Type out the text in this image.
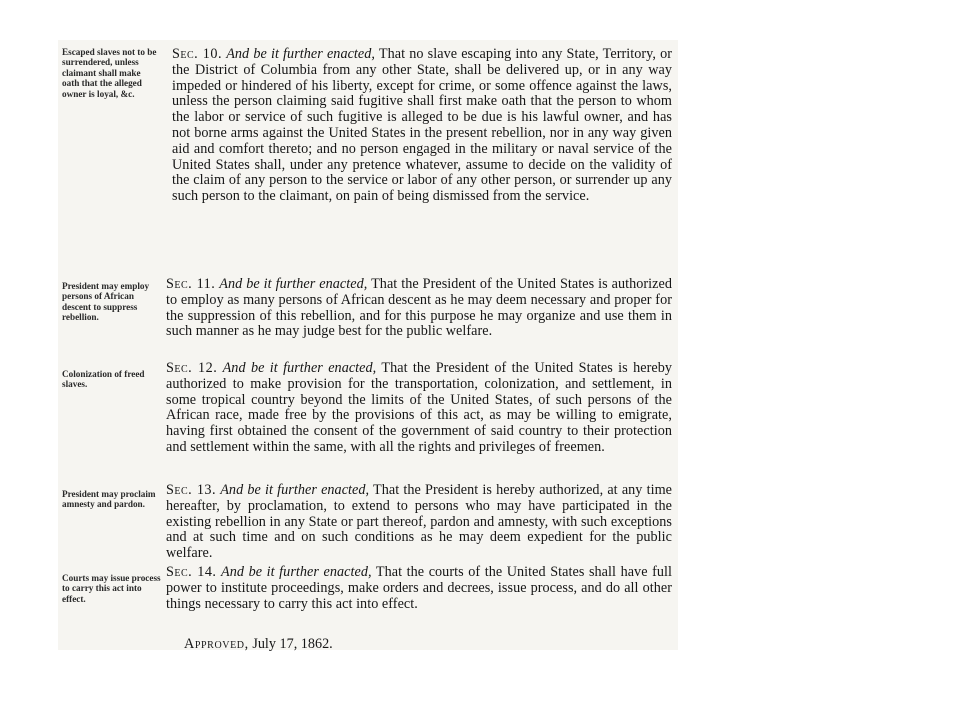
Escaped slaves not to be surrendered, unless claimant shall make oath that the alleged owner is loyal, &c.
Sec. 10. And be it further enacted, That no slave escaping into any State, Territory, or the District of Columbia from any other State, shall be delivered up, or in any way impeded or hindered of his liberty, except for crime, or some offence against the laws, unless the person claiming said fugitive shall first make oath that the person to whom the labor or service of such fugitive is alleged to be due is his lawful owner, and has not borne arms against the United States in the present rebellion, nor in any way given aid and comfort thereto; and no person engaged in the military or naval service of the United States shall, under any pretence whatever, assume to decide on the validity of the claim of any person to the service or labor of any other person, or surrender up any such person to the claimant, on pain of being dismissed from the service.
President may employ persons of African descent to suppress rebellion.
Sec. 11. And be it further enacted, That the President of the United States is authorized to employ as many persons of African descent as he may deem necessary and proper for the suppression of this rebellion, and for this purpose he may organize and use them in such manner as he may judge best for the public welfare.
Colonization of freed slaves.
Sec. 12. And be it further enacted, That the President of the United States is hereby authorized to make provision for the transportation, colonization, and settlement, in some tropical country beyond the limits of the United States, of such persons of the African race, made free by the provisions of this act, as may be willing to emigrate, having first obtained the consent of the government of said country to their protection and settlement within the same, with all the rights and privileges of freemen.
President may proclaim amnesty and pardon.
Sec. 13. And be it further enacted, That the President is hereby authorized, at any time hereafter, by proclamation, to extend to persons who may have participated in the existing rebellion in any State or part thereof, pardon and amnesty, with such exceptions and at such time and on such conditions as he may deem expedient for the public welfare.
Courts may issue process to carry this act into effect.
Sec. 14. And be it further enacted, That the courts of the United States shall have full power to institute proceedings, make orders and decrees, issue process, and do all other things necessary to carry this act into effect.
Approved, July 17, 1862.
